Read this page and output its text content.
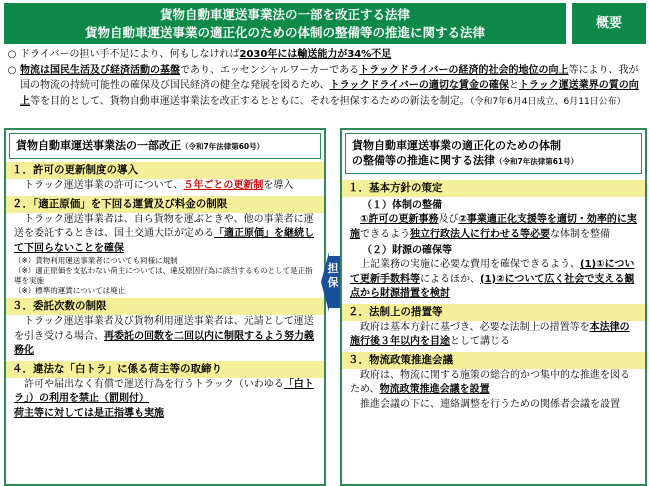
貨物自動車運送事業法の一部を改正する法律
貨物自動車運送事業の適正化のための体制の整備等の推進に関する法律
概要
○ ドライバーの担い手不足により、何もしなければ2030年には輸送能力が34%不足
○ 物流は国民生活及び経済活動の基盤であり、エッセンシャルワーカーであるトラックドライバーの経済的社会的地位の向上等により、我が国の物流の持続可能性の確保及び国民経済の健全な発展を図るため、トラックドライバーの適切な賃金の確保とトラック運送業界の質の向上等を目的として、貨物自動車運送事業法を改正するとともに、それを担保するための新法を制定。（令和7年6月4日成立、6月11日公布）
貨物自動車運送事業法の一部改正（令和7年法律第60号）
１．許可の更新制度の導入
トラック運送事業の許可について、５年ごとの更新制を導入
２．「適正原価」を下回る運賃及び料金の制限
トラック運送事業者は、自ら貨物を運ぶときや、他の事業者に運送を委託するときは、国土交通大臣が定める「適正原価」を継続して下回らないことを確保
（※）貨物利用運送事業者についても同様に規制
（※）適正原価を支払わない荷主については、違反原因行為に該当するものとして是正指導を実施
（※）標準的運賃については廃止
３．委託次数の制限
トラック運送事業者及び貨物利用運送事業者は、元請として運送を引き受ける場合、再委託の回数を二回以内に制限するよう努力義務化
４．違法な「白トラ」に係る荷主等の取締り
許可や届出なく有償で運送行為を行うトラック（いわゆる「白トラ」）の利用を禁止（罰則付）
荷主等に対しては是正指導も実施
担保
貨物自動車運送事業の適正化のための体制
の整備等の推進に関する法律（令和7年法律第61号）
１．基本方針の策定
（１）体制の整備
①許可の更新事務及び②事業適正化支援等を適切・効率的に実施できるよう独立行政法人に行わせる等必要な体制を整備
（２）財源の確保等
上記業務の実施に必要な費用を確保できるよう、(1)①について更新手数料等によるほか、(1)②について広く社会で支える観点から財源措置を検討
２．法制上の措置等
政府は基本方針に基づき、必要な法制上の措置等を本法律の施行後３年以内を目途として講じる
３．物流政策推進会議
政府は、物流に関する施策の総合的かつ集中的な推進を図るため、物流政策推進会議を設置
推進会議の下に、連絡調整を行うための関係者会議を設置
